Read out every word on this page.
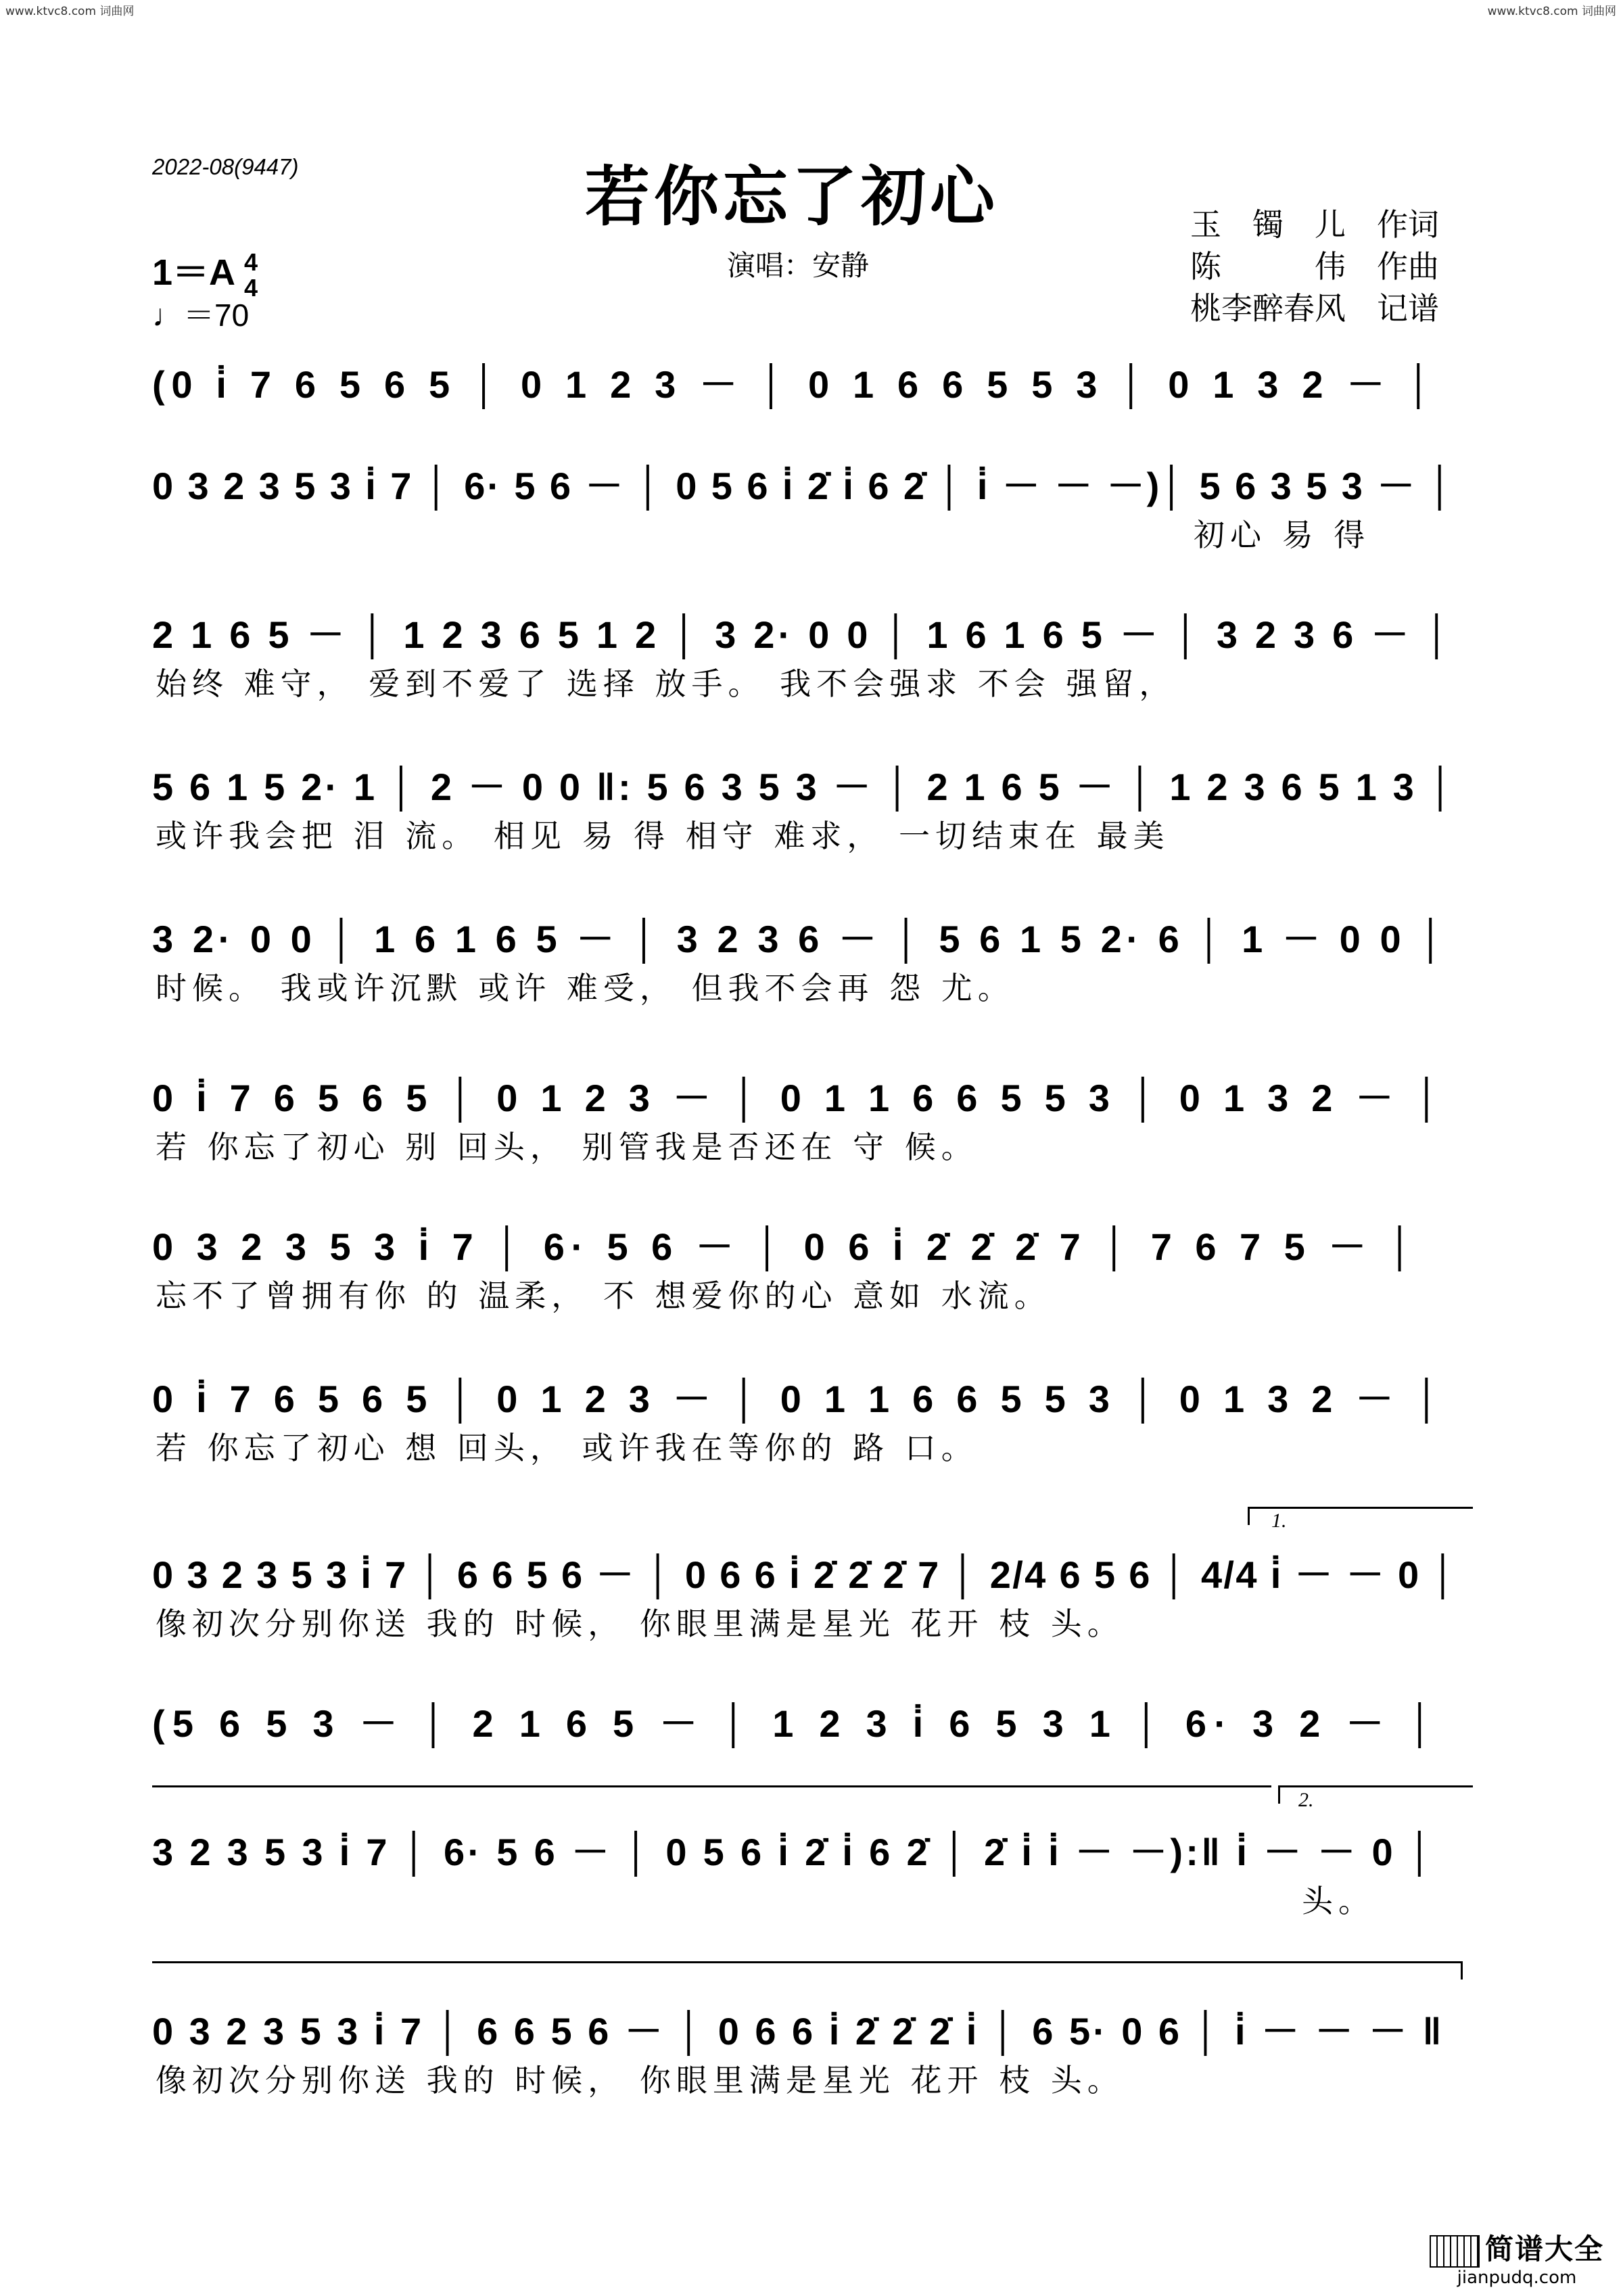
www.ktvc8.com 词曲网	www.ktvc8.com 词曲网
2022-08(9447)	若你忘了初心
演唱：安静
玉　镯　儿　作词
陈　　　伟　作曲
桃李醉春风　记谱
1＝A 4
4
♩＝70
(0 i̇ 7 6 5 6 5 │ 0 1 2 3 － │ 0 1 6 6 5 5 3 │ 0 1 3 2 － │
0 3 2 3 5 3 i̇ 7 │ 6· 5 6 － │ 0 5 6 i̇ 2̇ i̇ 6 2̇ │ i̇ － － －)│ 5 6 3 5 3 － │
初心 易 得
2 1 6 5 － │ 1 2 3 6 5 1 2 │ 3 2· 0 0 │ 1 6 1 6 5 － │ 3 2 3 6 － │
始终 难守， 爱到不爱了 选择 放手。 我不会强求 不会 强留，
5 6 1 5 2· 1 │ 2 － 0 0 ‖: 5 6 3 5 3 － │ 2 1 6 5 － │ 1 2 3 6 5 1 3 │
或许我会把 泪 流。 相见 易 得 相守 难求， 一切结束在 最美
3 2· 0 0 │ 1 6 1 6 5 － │ 3 2 3 6 － │ 5 6 1 5 2· 6 │ 1 － 0 0 │
时候。 我或许沉默 或许 难受， 但我不会再 怨 尤。
0 i̇ 7 6 5 6 5 │ 0 1 2 3 － │ 0 1 1 6 6 5 5 3 │ 0 1 3 2 － │
若 你忘了初心 别 回头， 别管我是否还在 守 候。
0 3 2 3 5 3 i̇ 7 │ 6· 5 6 － │ 0 6 i̇ 2̇ 2̇ 2̇ 7 │ 7 6 7 5 － │
忘不了曾拥有你 的 温柔， 不 想爱你的心 意如 水流。
0 i̇ 7 6 5 6 5 │ 0 1 2 3 － │ 0 1 1 6 6 5 5 3 │ 0 1 3 2 － │
若 你忘了初心 想 回头， 或许我在等你的 路 口。
1.
0 3 2 3 5 3 i̇ 7 │ 6 6 5 6 － │ 0 6 6 i̇ 2̇ 2̇ 2̇ 7 │ 2/4 6 5 6 │ 4/4 i̇ － － 0 │
像初次分别你送 我的 时候， 你眼里满是星光 花开 枝 头。
(5 6 5 3 － │ 2 1 6 5 － │ 1 2 3 i̇ 6 5 3 1 │ 6· 3 2 － │
2.
3 2 3 5 3 i̇ 7 │ 6· 5 6 － │ 0 5 6 i̇ 2̇ i̇ 6 2̇ │ 2̇ i̇ i̇ － －):‖ i̇ － － 0 │
头。
0 3 2 3 5 3 i̇ 7 │ 6 6 5 6 － │ 0 6 6 i̇ 2̇ 2̇ 2̇ i̇ │ 6 5· 0 6 │ i̇ － － － ‖
像初次分别你送 我的 时候， 你眼里满是星光 花开 枝 头。
简谱大全
jianpudq.com
